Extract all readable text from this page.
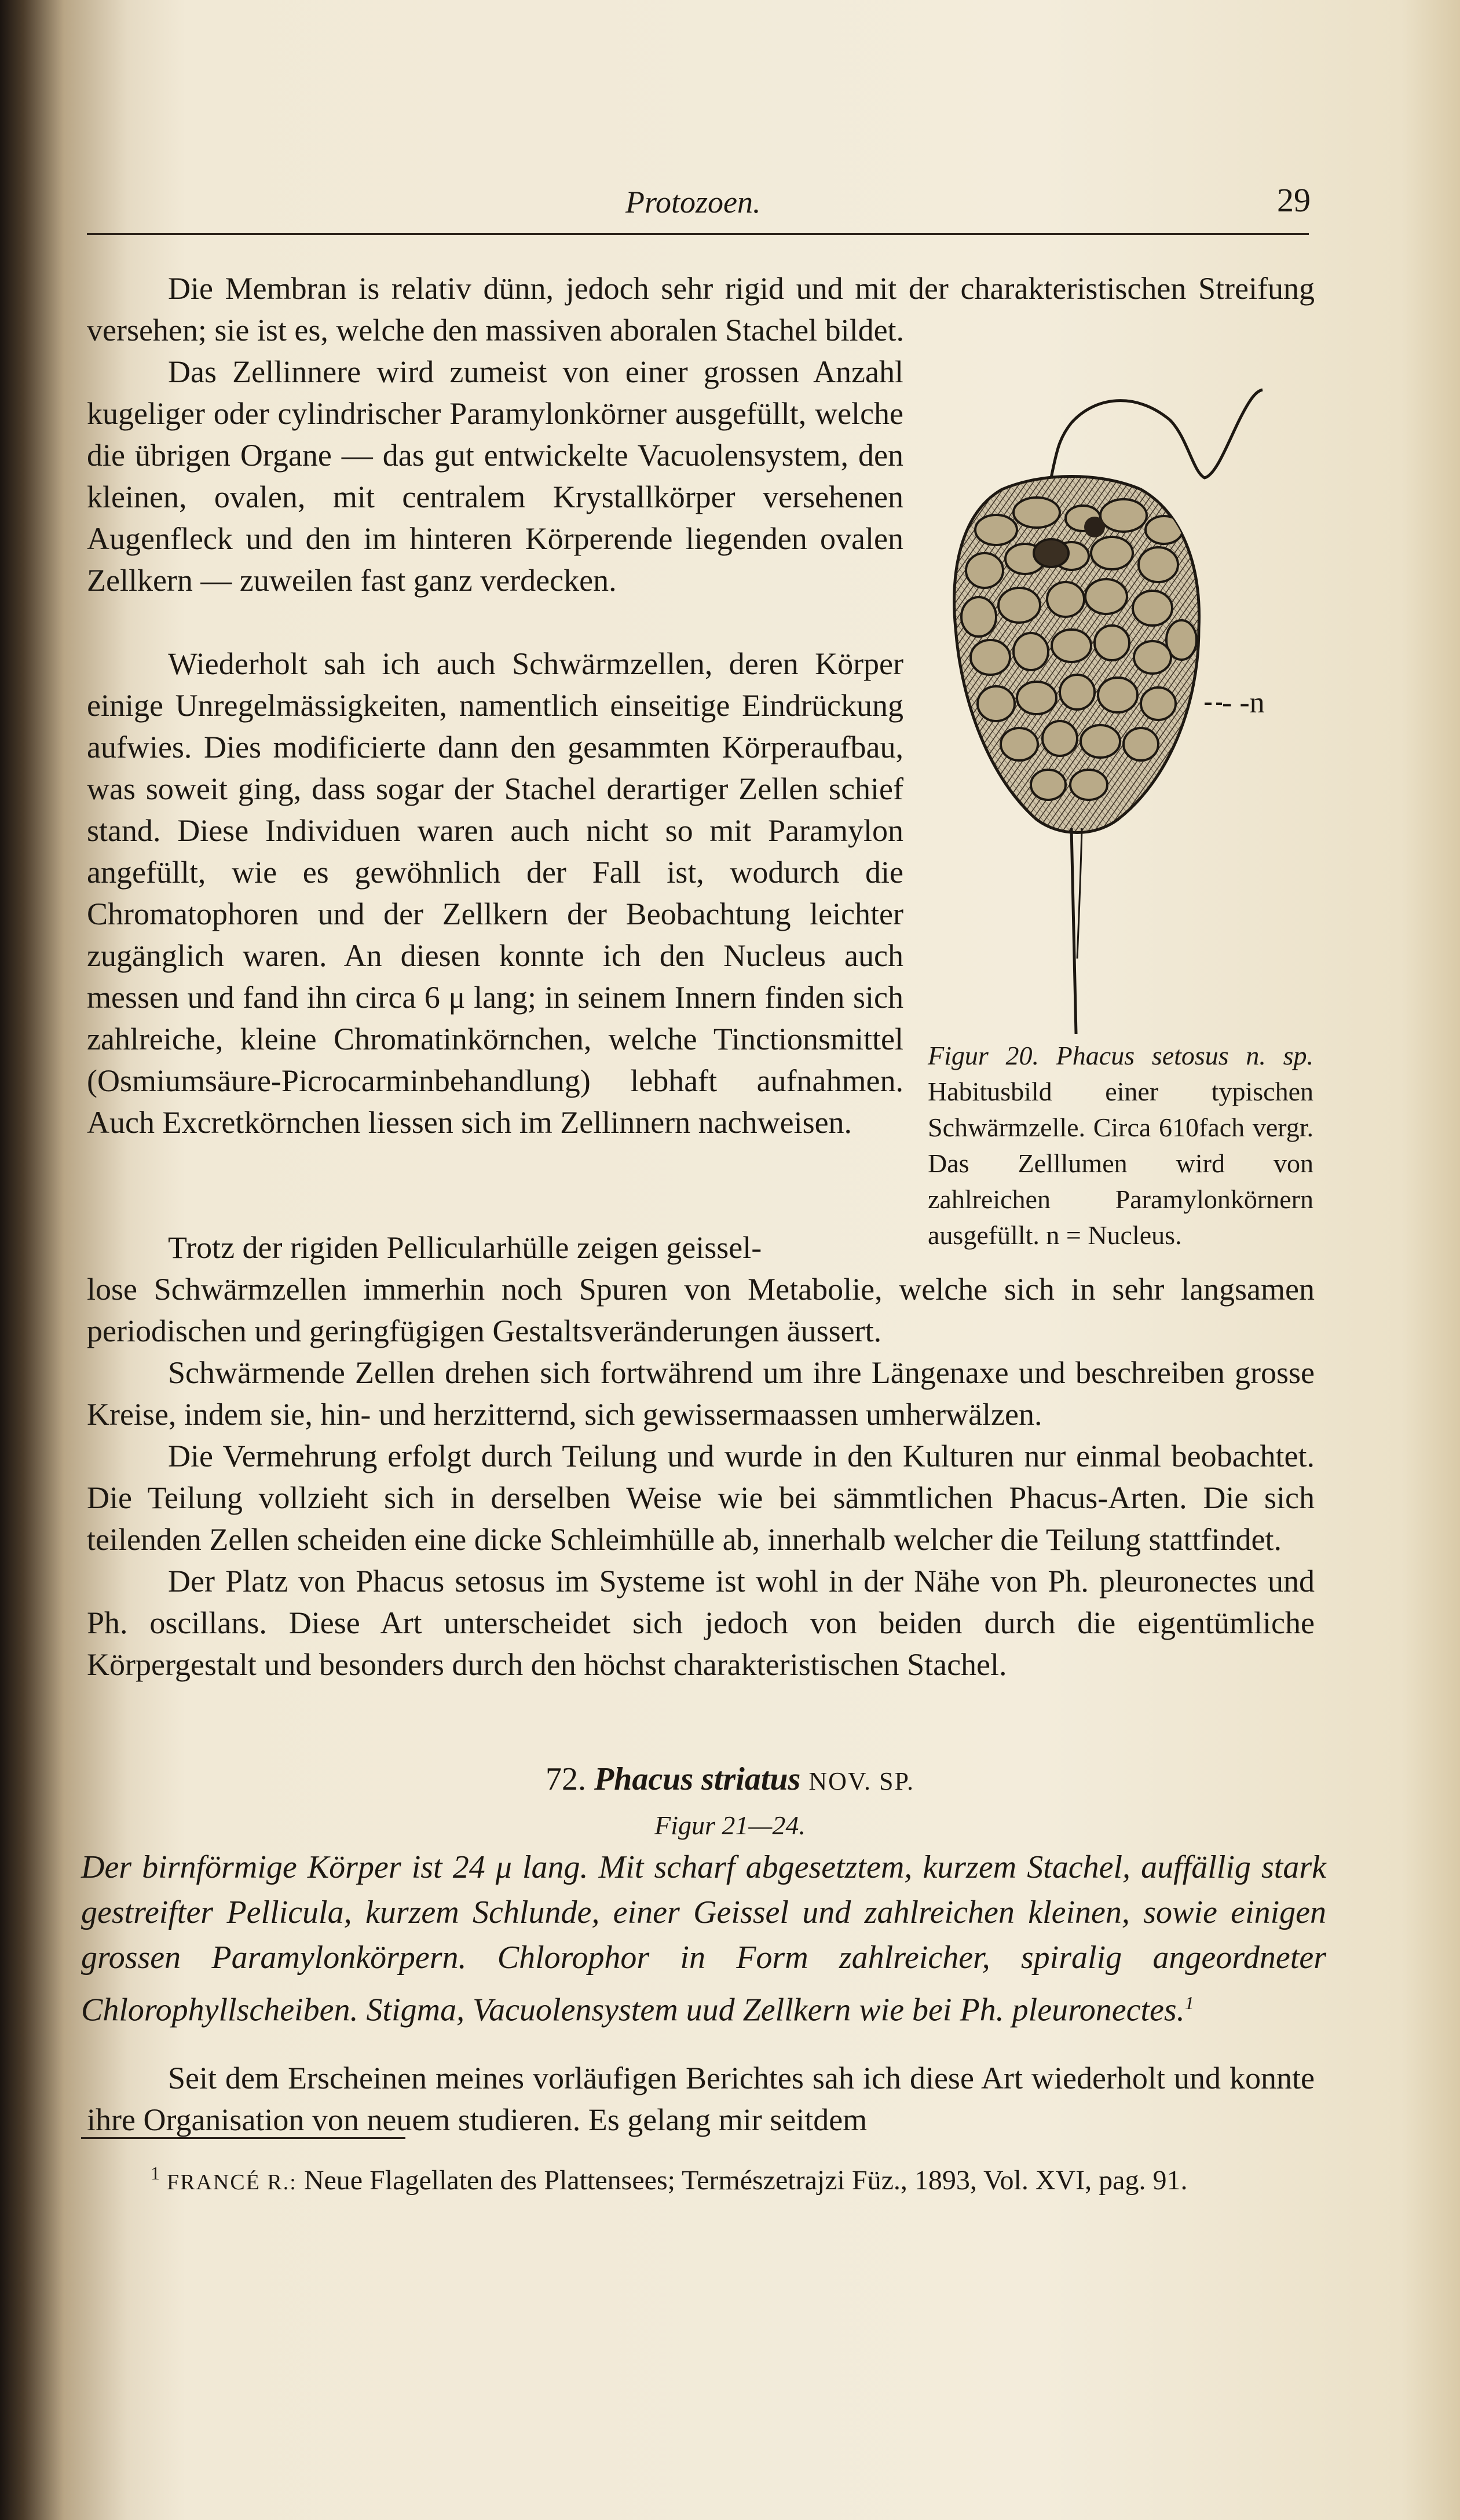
Protozoen.	29

Die Membran is relativ dünn, jedoch sehr rigid und mit der charakteristischen Streifung versehen; sie ist es, welche den massiven aboralen Stachel bildet.

Das Zellinnere wird zumeist von einer grossen Anzahl kugeliger oder cylindrischer Paramylonkörner ausgefüllt, welche die übrigen Organe — das gut entwickelte Vacuolensystem, den kleinen, ovalen, mit centralem Krystallkörper versehenen Augenfleck und den im hinteren Körperende liegenden ovalen Zellkern — zuweilen fast ganz verdecken.

Wiederholt sah ich auch Schwärmzellen, deren Körper einige Unregelmässigkeiten, namentlich einseitige Eindrückung aufwies. Dies modificierte dann den gesammten Körperaufbau, was soweit ging, dass sogar der Stachel derartiger Zellen schief stand. Diese Individuen waren auch nicht so mit Paramylon angefüllt, wie es gewöhnlich der Fall ist, wodurch die Chromatophoren und der Zellkern der Beobachtung leichter zugänglich waren. An diesen konnte ich den Nucleus auch messen und fand ihn circa 6 μ lang; in seinem Innern finden sich zahlreiche, kleine Chromatinkörnchen, welche Tinctionsmittel (Osmiumsäure-Picrocarminbehandlung) lebhaft aufnahmen. Auch Excretkörnchen liessen sich im Zellinnern nachweisen.

Trotz der rigiden Pellicularhülle zeigen geissel-

lose Schwärmzellen immerhin noch Spuren von Metabolie, welche sich in sehr langsamen periodischen und geringfügigen Gestaltsveränderungen äussert.

Schwärmende Zellen drehen sich fortwährend um ihre Längenaxe und beschreiben grosse Kreise, indem sie, hin- und herzitternd, sich gewissermaassen umherwälzen.

Die Vermehrung erfolgt durch Teilung und wurde in den Kulturen nur einmal beobachtet. Die Teilung vollzieht sich in derselben Weise wie bei sämmtlichen Phacus-Arten. Die sich teilenden Zellen scheiden eine dicke Schleimhülle ab, innerhalb welcher die Teilung stattfindet.

Der Platz von Phacus setosus im Systeme ist wohl in der Nähe von Ph. pleuronectes und Ph. oscillans. Diese Art unterscheidet sich jedoch von beiden durch die eigentümliche Körpergestalt und besonders durch den höchst charakteristischen Stachel.

- -n
Figur 20. Phacus setosus n. sp. Habitusbild einer typischen Schwärmzelle. Circa 610fach vergr. Das Zelllumen wird von zahlreichen Paramylonkörnern ausgefüllt. n = Nucleus.
72. Phacus striatus NOV. SP.
Figur 21—24.
Der birnförmige Körper ist 24 μ lang. Mit scharf abgesetztem, kurzem Stachel, auffällig stark gestreifter Pellicula, kurzem Schlunde, einer Geissel und zahlreichen kleinen, sowie einigen grossen Paramylonkörpern. Chlorophor in Form zahlreicher, spiralig angeordneter Chlorophyllscheiben. Stigma, Vacuolensystem uud Zellkern wie bei Ph. pleuronectes.$^1$

Seit dem Erscheinen meines vorläufigen Berichtes sah ich diese Art wiederholt und konnte ihre Organisation von neuem studieren. Es gelang mir seitdem

$^1$ FRANCÉ R.: Neue Flagellaten des Plattensees; Természetrajzi Füz., 1893, Vol. XVI, pag. 91.
